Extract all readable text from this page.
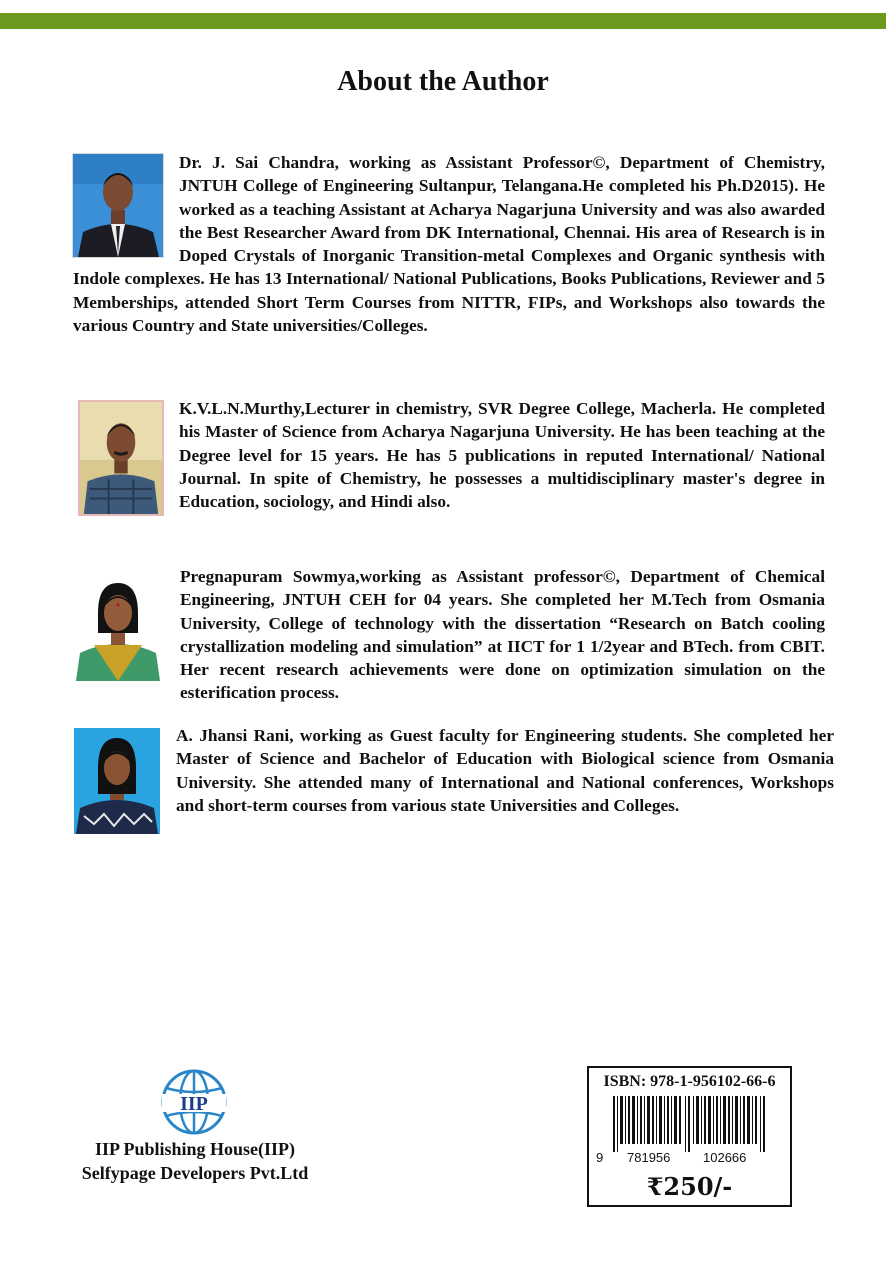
About the Author

Dr. J. Sai Chandra, working as Assistant Professor©, Department of Chemistry, JNTUH College of Engineering Sultanpur, Telangana.He completed his Ph.D2015). He worked as a teaching Assistant at Acharya Nagarjuna University and was also awarded the Best Researcher Award from DK International, Chennai. His area of Research is in Doped Crystals of Inorganic Transition-metal Complexes and Organic synthesis with Indole complexes. He has 13 International/ National Publications, Books Publications, Reviewer and 5 Memberships, attended Short Term Courses from NITTR, FIPs, and Workshops also towards the various Country and State universities/Colleges.

K.V.L.N.Murthy,Lecturer in chemistry, SVR Degree College, Macherla. He completed his Master of Science from Acharya Nagarjuna University. He has been teaching at the Degree level for 15 years. He has 5 publications in reputed International/ National Journal. In spite of Chemistry, he possesses a multidisciplinary master's degree in Education, sociology, and Hindi also.

Pregnapuram Sowmya,working as Assistant professor©, Department of Chemical Engineering, JNTUH CEH for 04 years. She completed her M.Tech from Osmania University, College of technology with the dissertation “Research on Batch cooling crystallization modeling and simulation” at IICT for 1 1/2year and BTech. from CBIT. Her recent research achievements were done on optimization simulation on the esterification process.

A. Jhansi Rani, working as Guest faculty for Engineering students. She completed her Master of Science and Bachelor of Education with Biological science from Osmania University. She attended many of International and National conferences, Workshops and short-term courses from various state Universities and Colleges.

IIP

IIP Publishing House(IIP)

Selfypage Developers Pvt.Ltd

ISBN: 978-1-956102-66-6

9 781956	102666

₹250/-
